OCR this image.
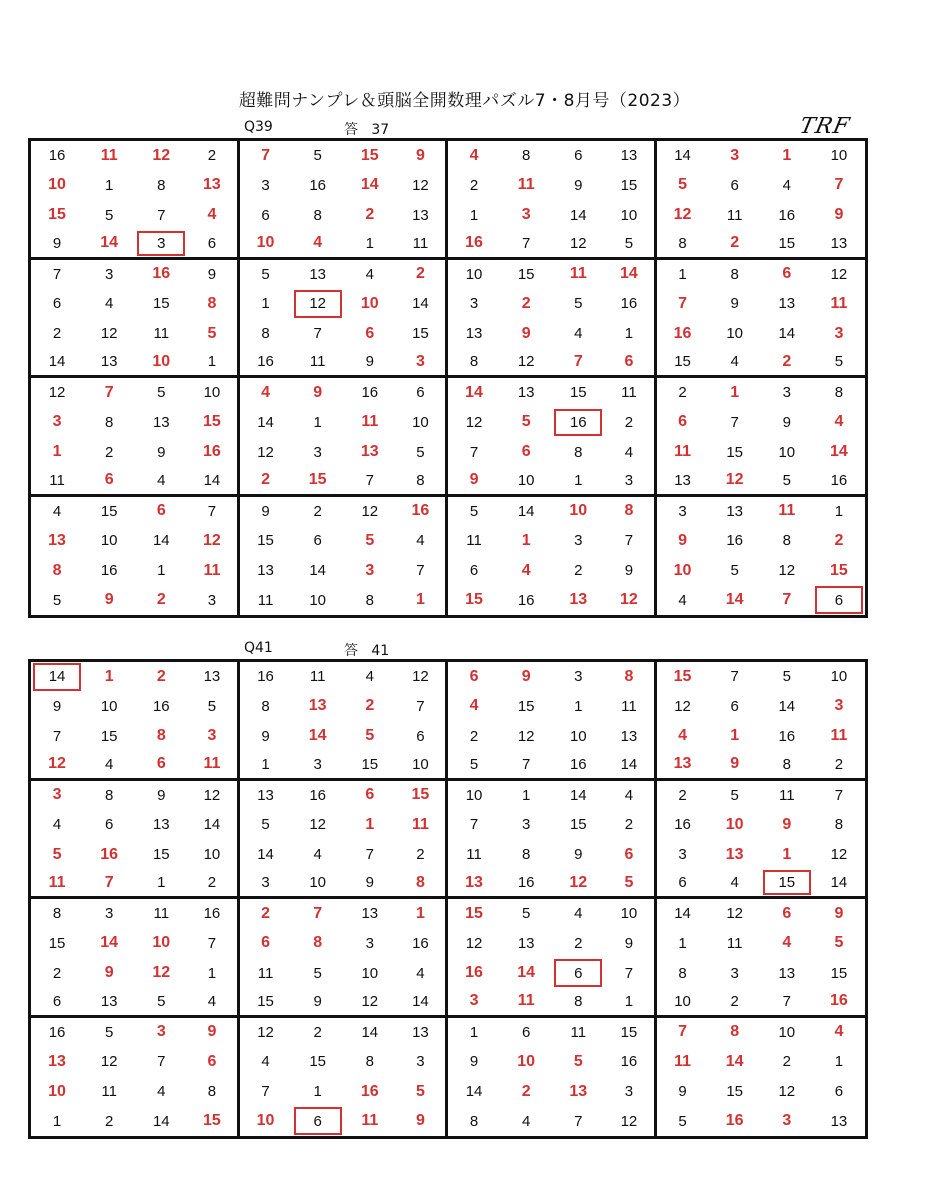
超難問ナンプレ＆頭脳全開数理パズル7・8月号（2023）
TRF
Q39	答 37
16	11	12	2	7	5	15	9	4	8	6	13	14	3	1	10
10	1	8	13	3	16	14	12	2	11	9	15	5	6	4	7
15	5	7	4	6	8	2	13	1	3	14	10	12	11	16	9
9	14	3	6	10	4	1	11	16	7	12	5	8	2	15	13
7	3	16	9	5	13	4	2	10	15	11	14	1	8	6	12
6	4	15	8	1	12	10	14	3	2	5	16	7	9	13	11
2	12	11	5	8	7	6	15	13	9	4	1	16	10	14	3
14	13	10	1	16	11	9	3	8	12	7	6	15	4	2	5
12	7	5	10	4	9	16	6	14	13	15	11	2	1	3	8
3	8	13	15	14	1	11	10	12	5	16	2	6	7	9	4
1	2	9	16	12	3	13	5	7	6	8	4	11	15	10	14
11	6	4	14	2	15	7	8	9	10	1	3	13	12	5	16
4	15	6	7	9	2	12	16	5	14	10	8	3	13	11	1
13	10	14	12	15	6	5	4	11	1	3	7	9	16	8	2
8	16	1	11	13	14	3	7	6	4	2	9	10	5	12	15
5	9	2	3	11	10	8	1	15	16	13	12	4	14	7	6
Q41	答 41
14	1	2	13	16	11	4	12	6	9	3	8	15	7	5	10
9	10	16	5	8	13	2	7	4	15	1	11	12	6	14	3
7	15	8	3	9	14	5	6	2	12	10	13	4	1	16	11
12	4	6	11	1	3	15	10	5	7	16	14	13	9	8	2
3	8	9	12	13	16	6	15	10	1	14	4	2	5	11	7
4	6	13	14	5	12	1	11	7	3	15	2	16	10	9	8
5	16	15	10	14	4	7	2	11	8	9	6	3	13	1	12
11	7	1	2	3	10	9	8	13	16	12	5	6	4	15	14
8	3	11	16	2	7	13	1	15	5	4	10	14	12	6	9
15	14	10	7	6	8	3	16	12	13	2	9	1	11	4	5
2	9	12	1	11	5	10	4	16	14	6	7	8	3	13	15
6	13	5	4	15	9	12	14	3	11	8	1	10	2	7	16
16	5	3	9	12	2	14	13	1	6	11	15	7	8	10	4
13	12	7	6	4	15	8	3	9	10	5	16	11	14	2	1
10	11	4	8	7	1	16	5	14	2	13	3	9	15	12	6
1	2	14	15	10	6	11	9	8	4	7	12	5	16	3	13
